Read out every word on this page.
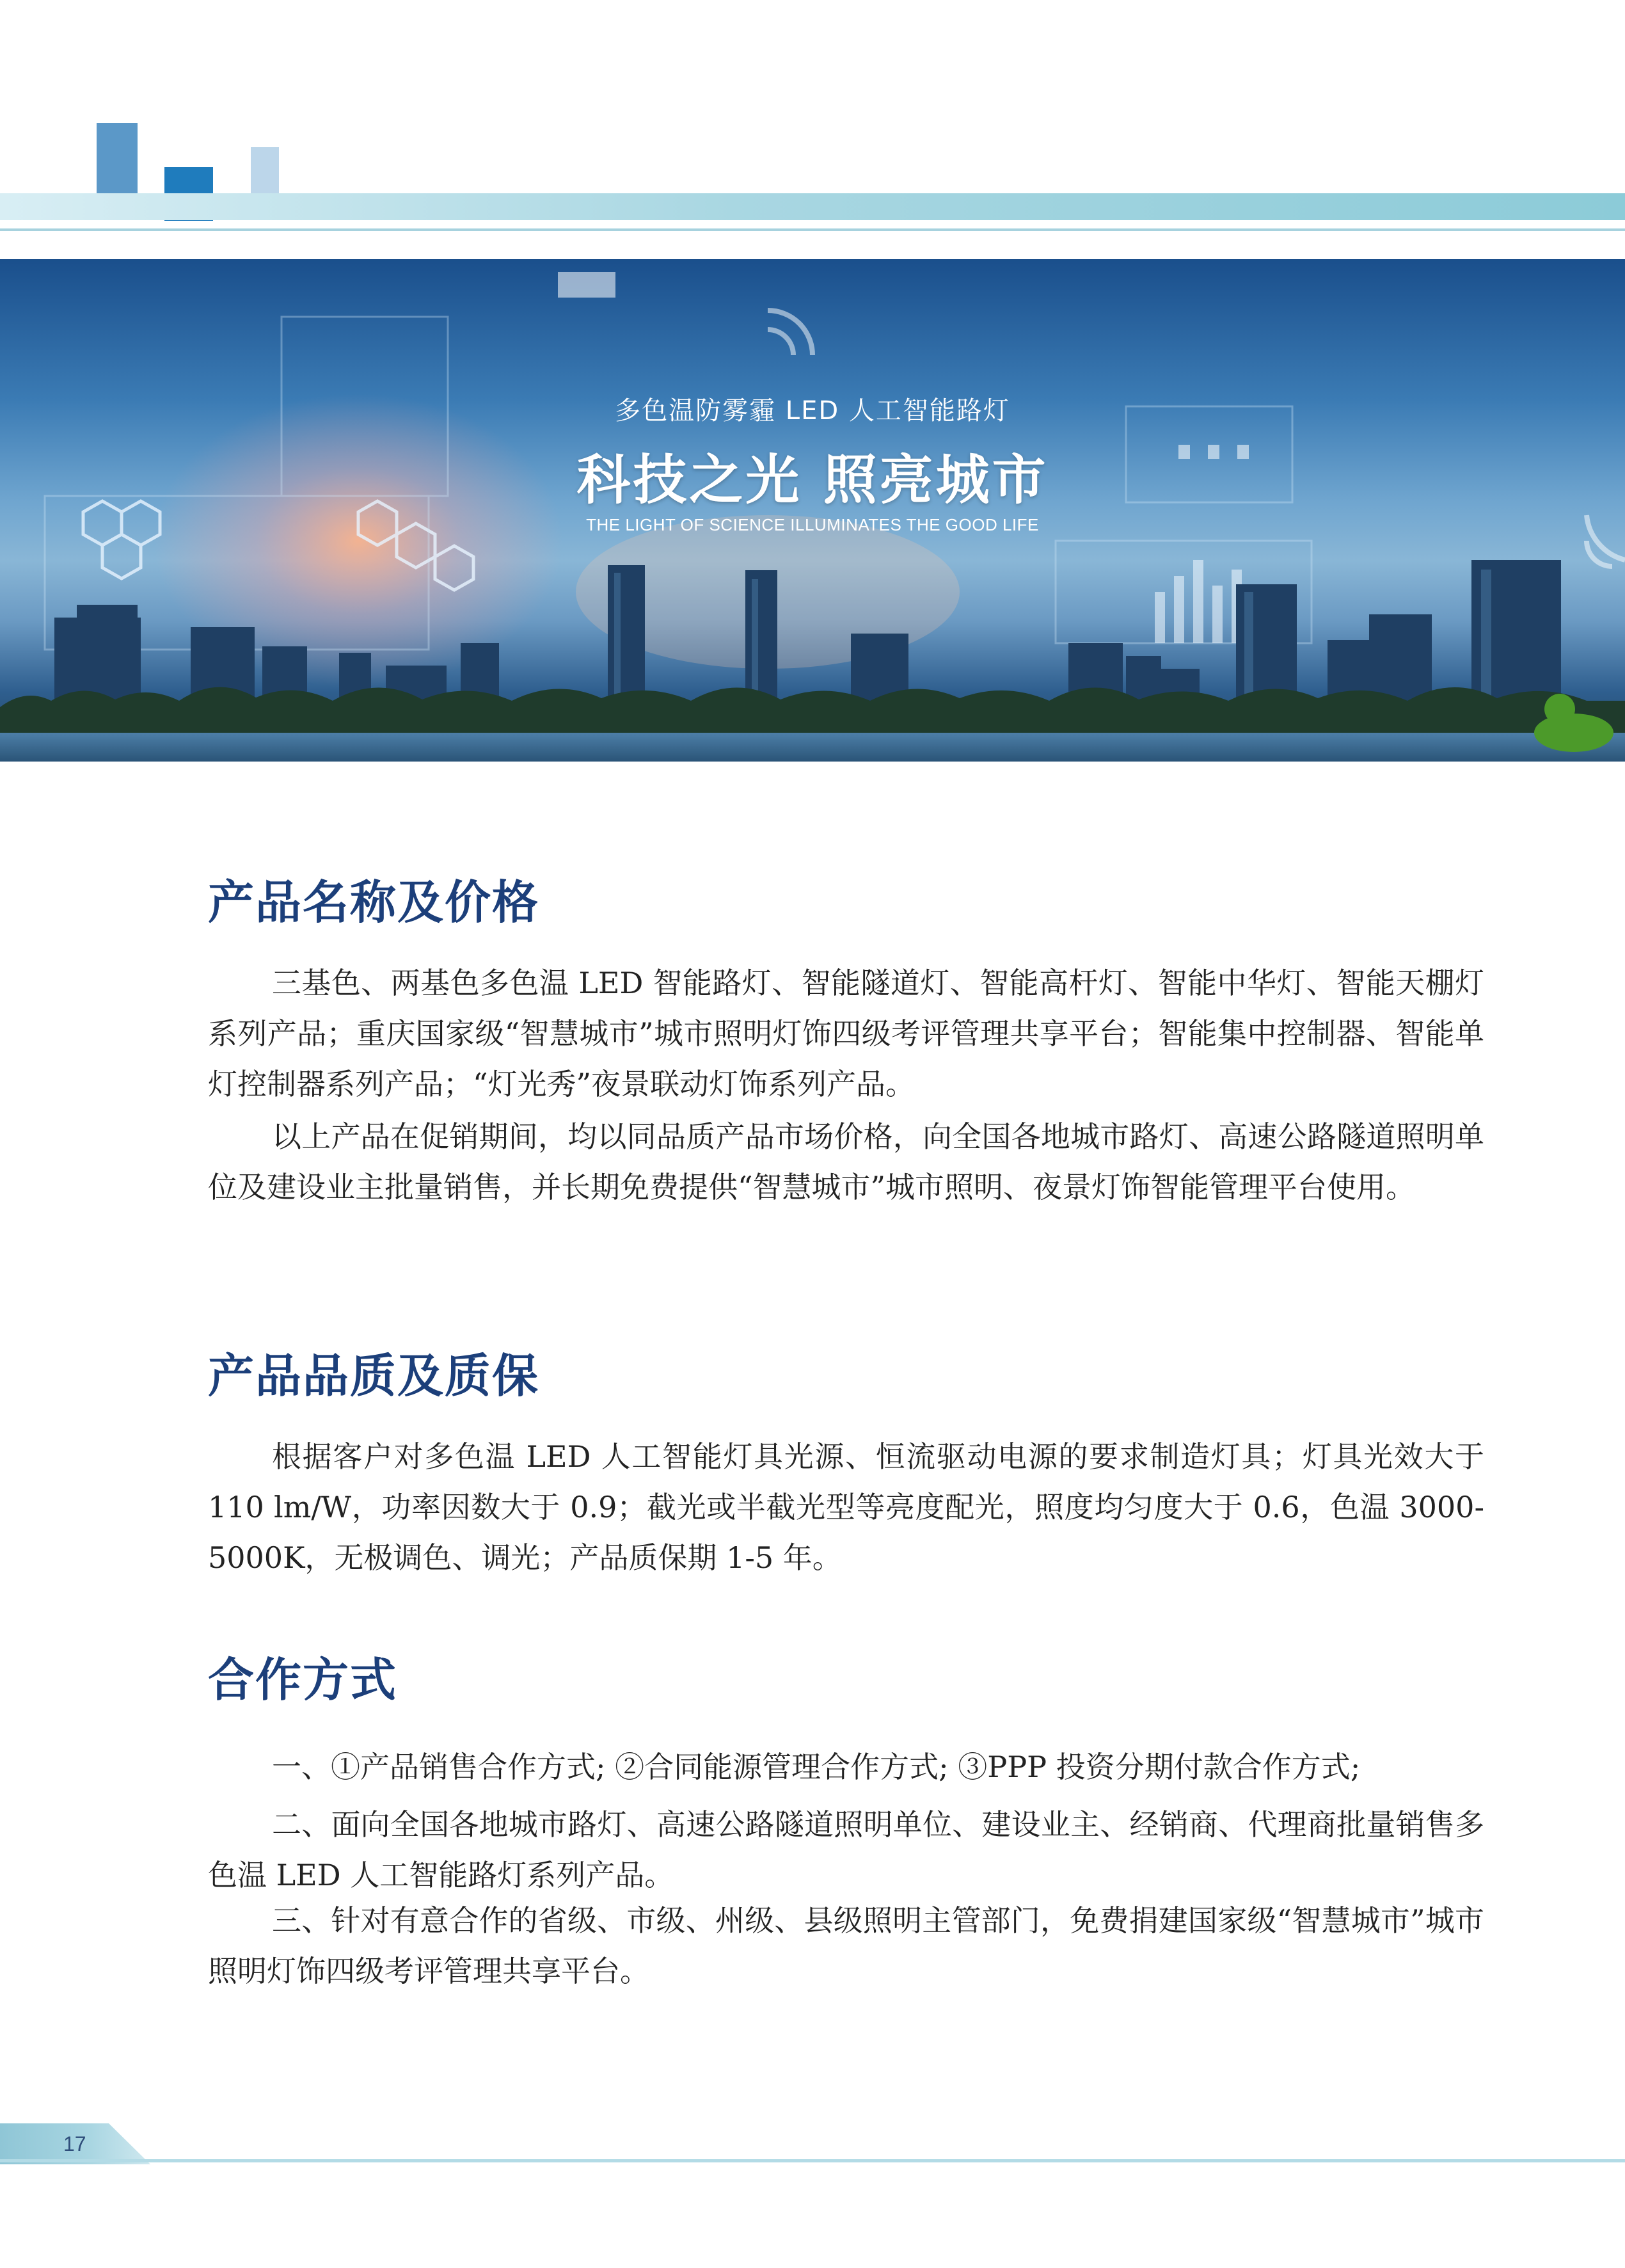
多色温防雾霾 LED 人工智能路灯
科技之光 照亮城市
THE LIGHT OF SCIENCE ILLUMINATES THE GOOD LIFE
产品名称及价格
三基色、两基色多色温 LED 智能路灯、智能隧道灯、智能高杆灯、智能中华灯、智能天棚灯系列产品；重庆国家级“智慧城市”城市照明灯饰四级考评管理共享平台；智能集中控制器、智能单灯控制器系列产品；“灯光秀”夜景联动灯饰系列产品。
以上产品在促销期间，均以同品质产品市场价格，向全国各地城市路灯、高速公路隧道照明单位及建设业主批量销售，并长期免费提供“智慧城市”城市照明、夜景灯饰智能管理平台使用。
产品品质及质保
根据客户对多色温 LED 人工智能灯具光源、恒流驱动电源的要求制造灯具；灯具光效大于 110 lm/W，功率因数大于 0.9；截光或半截光型等亮度配光，照度均匀度大于 0.6，色温 3000-5000K，无极调色、调光；产品质保期 1-5 年。
合作方式
一、①产品销售合作方式; ②合同能源管理合作方式; ③PPP 投资分期付款合作方式;
二、面向全国各地城市路灯、高速公路隧道照明单位、建设业主、经销商、代理商批量销售多色温 LED 人工智能路灯系列产品。
三、针对有意合作的省级、市级、州级、县级照明主管部门，免费捐建国家级“智慧城市”城市照明灯饰四级考评管理共享平台。
17
